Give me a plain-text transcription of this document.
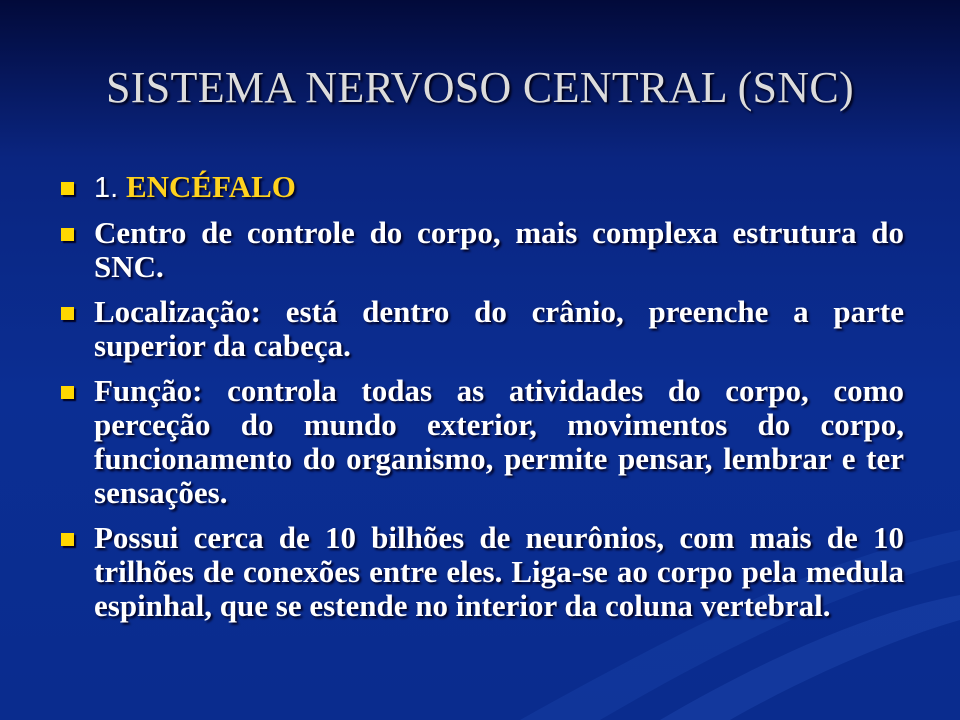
SISTEMA NERVOSO CENTRAL (SNC)
1. ENCÉFALO
Centro de controle do corpo, mais complexa estrutura do SNC.
Localização: está dentro do crânio, preenche a parte superior da cabeça.
Função: controla todas as atividades do corpo, como perceção do mundo exterior, movimentos do corpo, funcionamento do organismo, permite pensar, lembrar e ter sensações.
Possui cerca de 10 bilhões de neurônios, com mais de 10 trilhões de conexões entre eles. Liga-se ao corpo pela medula espinhal, que se estende no interior da coluna vertebral.
